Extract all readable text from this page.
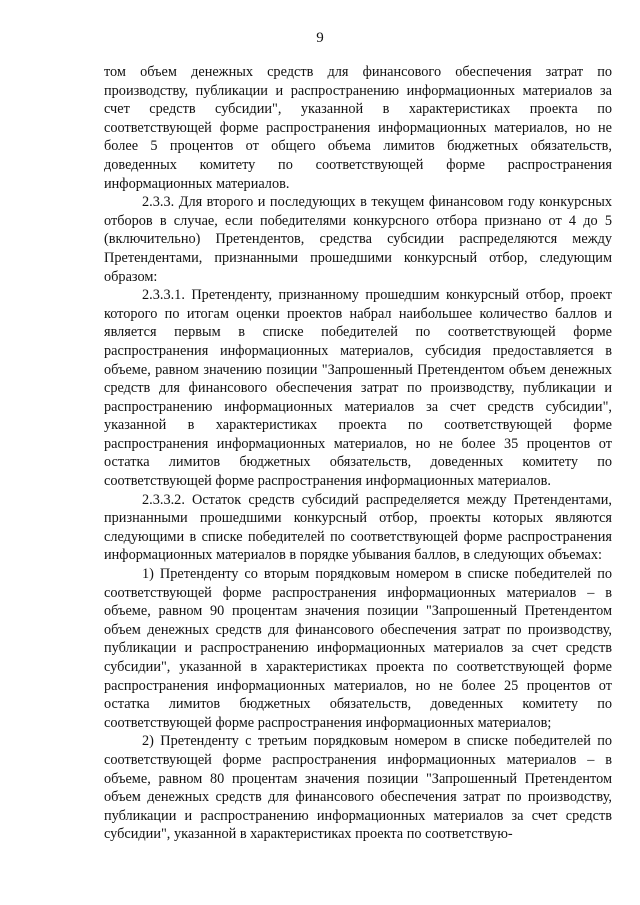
9

том объем денежных средств для финансового обеспечения затрат по производству, публикации и распространению информационных материалов за счет средств субсидии", указанной в характеристиках проекта по соответствующей форме распространения информационных материалов, но не более 5 процентов от общего объема лимитов бюджетных обязательств, доведенных комитету по соответствующей форме распространения информационных материалов.

2.3.3. Для второго и последующих в текущем финансовом году конкурсных отборов в случае, если победителями конкурсного отбора признано от 4 до 5 (включительно) Претендентов, средства субсидии распределяются между Претендентами, признанными прошедшими конкурсный отбор, следующим образом:

2.3.3.1. Претенденту, признанному прошедшим конкурсный отбор, проект которого по итогам оценки проектов набрал наибольшее количество баллов и является первым в списке победителей по соответствующей форме распространения информационных материалов, субсидия предоставляется в объеме, равном значению позиции "Запрошенный Претендентом объем денежных средств для финансового обеспечения затрат по производству, публикации и распространению информационных материалов за счет средств субсидии", указанной в характеристиках проекта по соответствующей форме распространения информационных материалов, но не более 35 процентов от остатка лимитов бюджетных обязательств, доведенных комитету по соответствующей форме распространения информационных материалов.

2.3.3.2. Остаток средств субсидий распределяется между Претендентами, признанными прошедшими конкурсный отбор, проекты которых являются следующими в списке победителей по соответствующей форме распространения информационных материалов в порядке убывания баллов, в следующих объемах:

1) Претенденту со вторым порядковым номером в списке победителей по соответствующей форме распространения информационных материалов – в объеме, равном 90 процентам значения позиции "Запрошенный Претендентом объем денежных средств для финансового обеспечения затрат по производству, публикации и распространению информационных материалов за счет средств субсидии", указанной в характеристиках проекта по соответствующей форме распространения информационных материалов, но не более 25 процентов от остатка лимитов бюджетных обязательств, доведенных комитету по соответствующей форме распространения информационных материалов;

2) Претенденту с третьим порядковым номером в списке победителей по соответствующей форме распространения информационных материалов – в объеме, равном 80 процентам значения позиции "Запрошенный Претендентом объем денежных средств для финансового обеспечения затрат по производству, публикации и распространению информационных материалов за счет средств субсидии", указанной в характеристиках проекта по соответствую-
